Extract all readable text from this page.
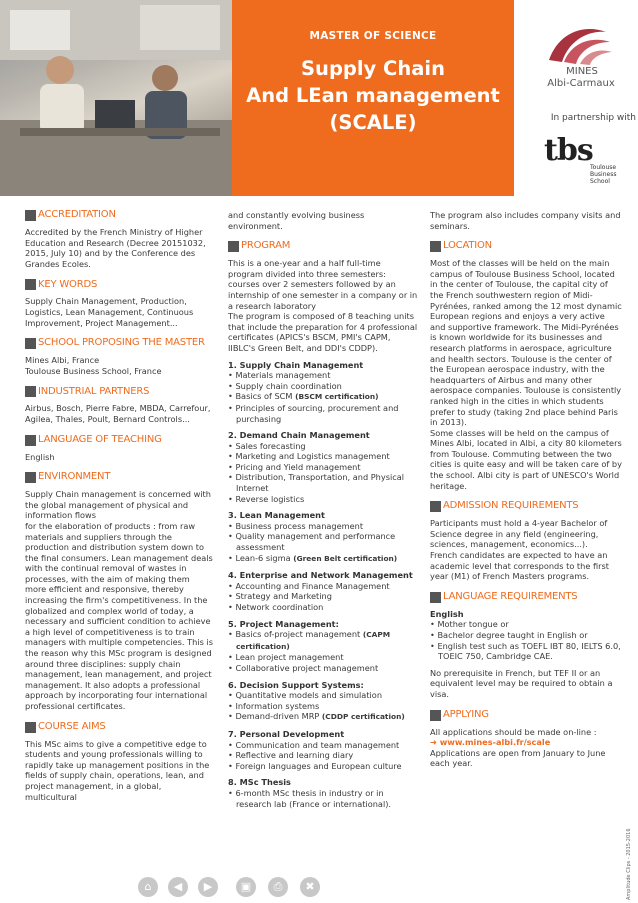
MASTER OF SCIENCE
Supply Chain
And LEan management
(SCALE)
MINES
Albi-Carmaux
In partnership with
tbs
Toulouse
Business School
ACCREDITATION

Accredited by the French Ministry of Higher Education and Research (Decree 20151032, 2015, July 10) and by the Conference des Grandes Ecoles.

KEY WORDS

Supply Chain Management, Production, Logistics, Lean Management, Continuous Improvement, Project Management...

SCHOOL PROPOSING THE MASTER

Mines Albi, France

Toulouse Business School, France

INDUSTRIAL PARTNERS

Airbus, Bosch, Pierre Fabre, MBDA, Carrefour, Agilea, Thales, Poult, Bernard Controls...

LANGUAGE OF TEACHING

English

ENVIRONMENT

Supply Chain management is concerned with the global management of physical and information flows

for the elaboration of products : from raw materials and suppliers through the production and distribution system down to the final consumers. Lean management deals with the continual removal of wastes in processes, with the aim of making them more efficient and responsive, thereby increasing the firm's competitiveness. In the globalized and complex world of today, a necessary and sufficient condition to achieve a high level of competitiveness is to train managers with multiple competencies. This is the reason why this MSc program is designed around three disciplines: supply chain management, lean management, and project management. It also adopts a professional approach by incorporating four international professional certificates.

COURSE AIMS

This MSc aims to give a competitive edge to students and young professionals willing to rapidly take up management positions in the fields of supply chain, operations, lean, and project management, in a global, multicultural

and constantly evolving business environment.

PROGRAM

This is a one-year and a half full-time program divided into three semesters: courses over 2 semesters followed by an internship of one semester in a company or in a research laboratory

The program is composed of 8 teaching units that include the preparation for 4 professional certificates (APICS's BSCM, PMI's CAPM, IIBLC's Green Belt, and DDI's CDDP).

1. Supply Chain Management

• Materials management

• Supply chain coordination

• Basics of SCM (BSCM certification)

• Principles of sourcing, procurement and purchasing

2. Demand Chain Management

• Sales forecasting

• Marketing and Logistics management

• Pricing and Yield management

• Distribution, Transportation, and Physical Internet

• Reverse logistics

3. Lean Management

• Business process management

• Quality management and performance assessment

• Lean-6 sigma (Green Belt certification)

4. Enterprise and Network Management

• Accounting and Finance Management

• Strategy and Marketing

• Network coordination

5. Project Management:

• Basics of-project management (CAPM certification)

• Lean project management

• Collaborative project management

6. Decision Support Systems:

• Quantitative models and simulation

• Information systems

• Demand-driven MRP (CDDP certification)

7. Personal Development

• Communication and team management

• Reflective and learning diary

• Foreign languages and European culture

8. MSc Thesis

• 6-month MSc thesis in industry or in research lab (France or international).

The program also includes company visits and seminars.

LOCATION

Most of the classes will be held on the main campus of Toulouse Business School, located in the center of Toulouse, the capital city of the French southwestern region of Midi-Pyrénées, ranked among the 12 most dynamic European regions and enjoys a very active and supportive framework. The Midi-Pyrénées is known worldwide for its businesses and research platforms in aerospace, agriculture and health sectors. Toulouse is the center of the European aerospace industry, with the headquarters of Airbus and many other aerospace companies. Toulouse is consistently ranked high in the cities in which students prefer to study (taking 2nd place behind Paris in 2013).

Some classes will be held on the campus of Mines Albi, located in Albi, a city 80 kilometers from Toulouse. Commuting between the two cities is quite easy and will be taken care of by the school. Albi city is part of UNESCO's World heritage.

ADMISSION REQUIREMENTS

Participants must hold a 4-year Bachelor of Science degree in any field (engineering, sciences, management, economics...).

French candidates are expected to have an academic level that corresponds to the first year (M1) of French Masters programs.

LANGUAGE REQUIREMENTS

English

• Mother tongue or

• Bachelor degree taught in English or

• English test such as TOEFL IBT 80, IELTS 6.0, TOEIC 750, Cambridge CAE.

No prerequisite in French, but TEF II or an equivalent level may be required to obtain a visa.

APPLYING

All applications should be made on-line :

➜ www.mines-albi.fr/scale

Applications are open from January to June each year.

Amplitude Clips - 2015-2016
⌂	◀	▶	▣	⎙	✖
